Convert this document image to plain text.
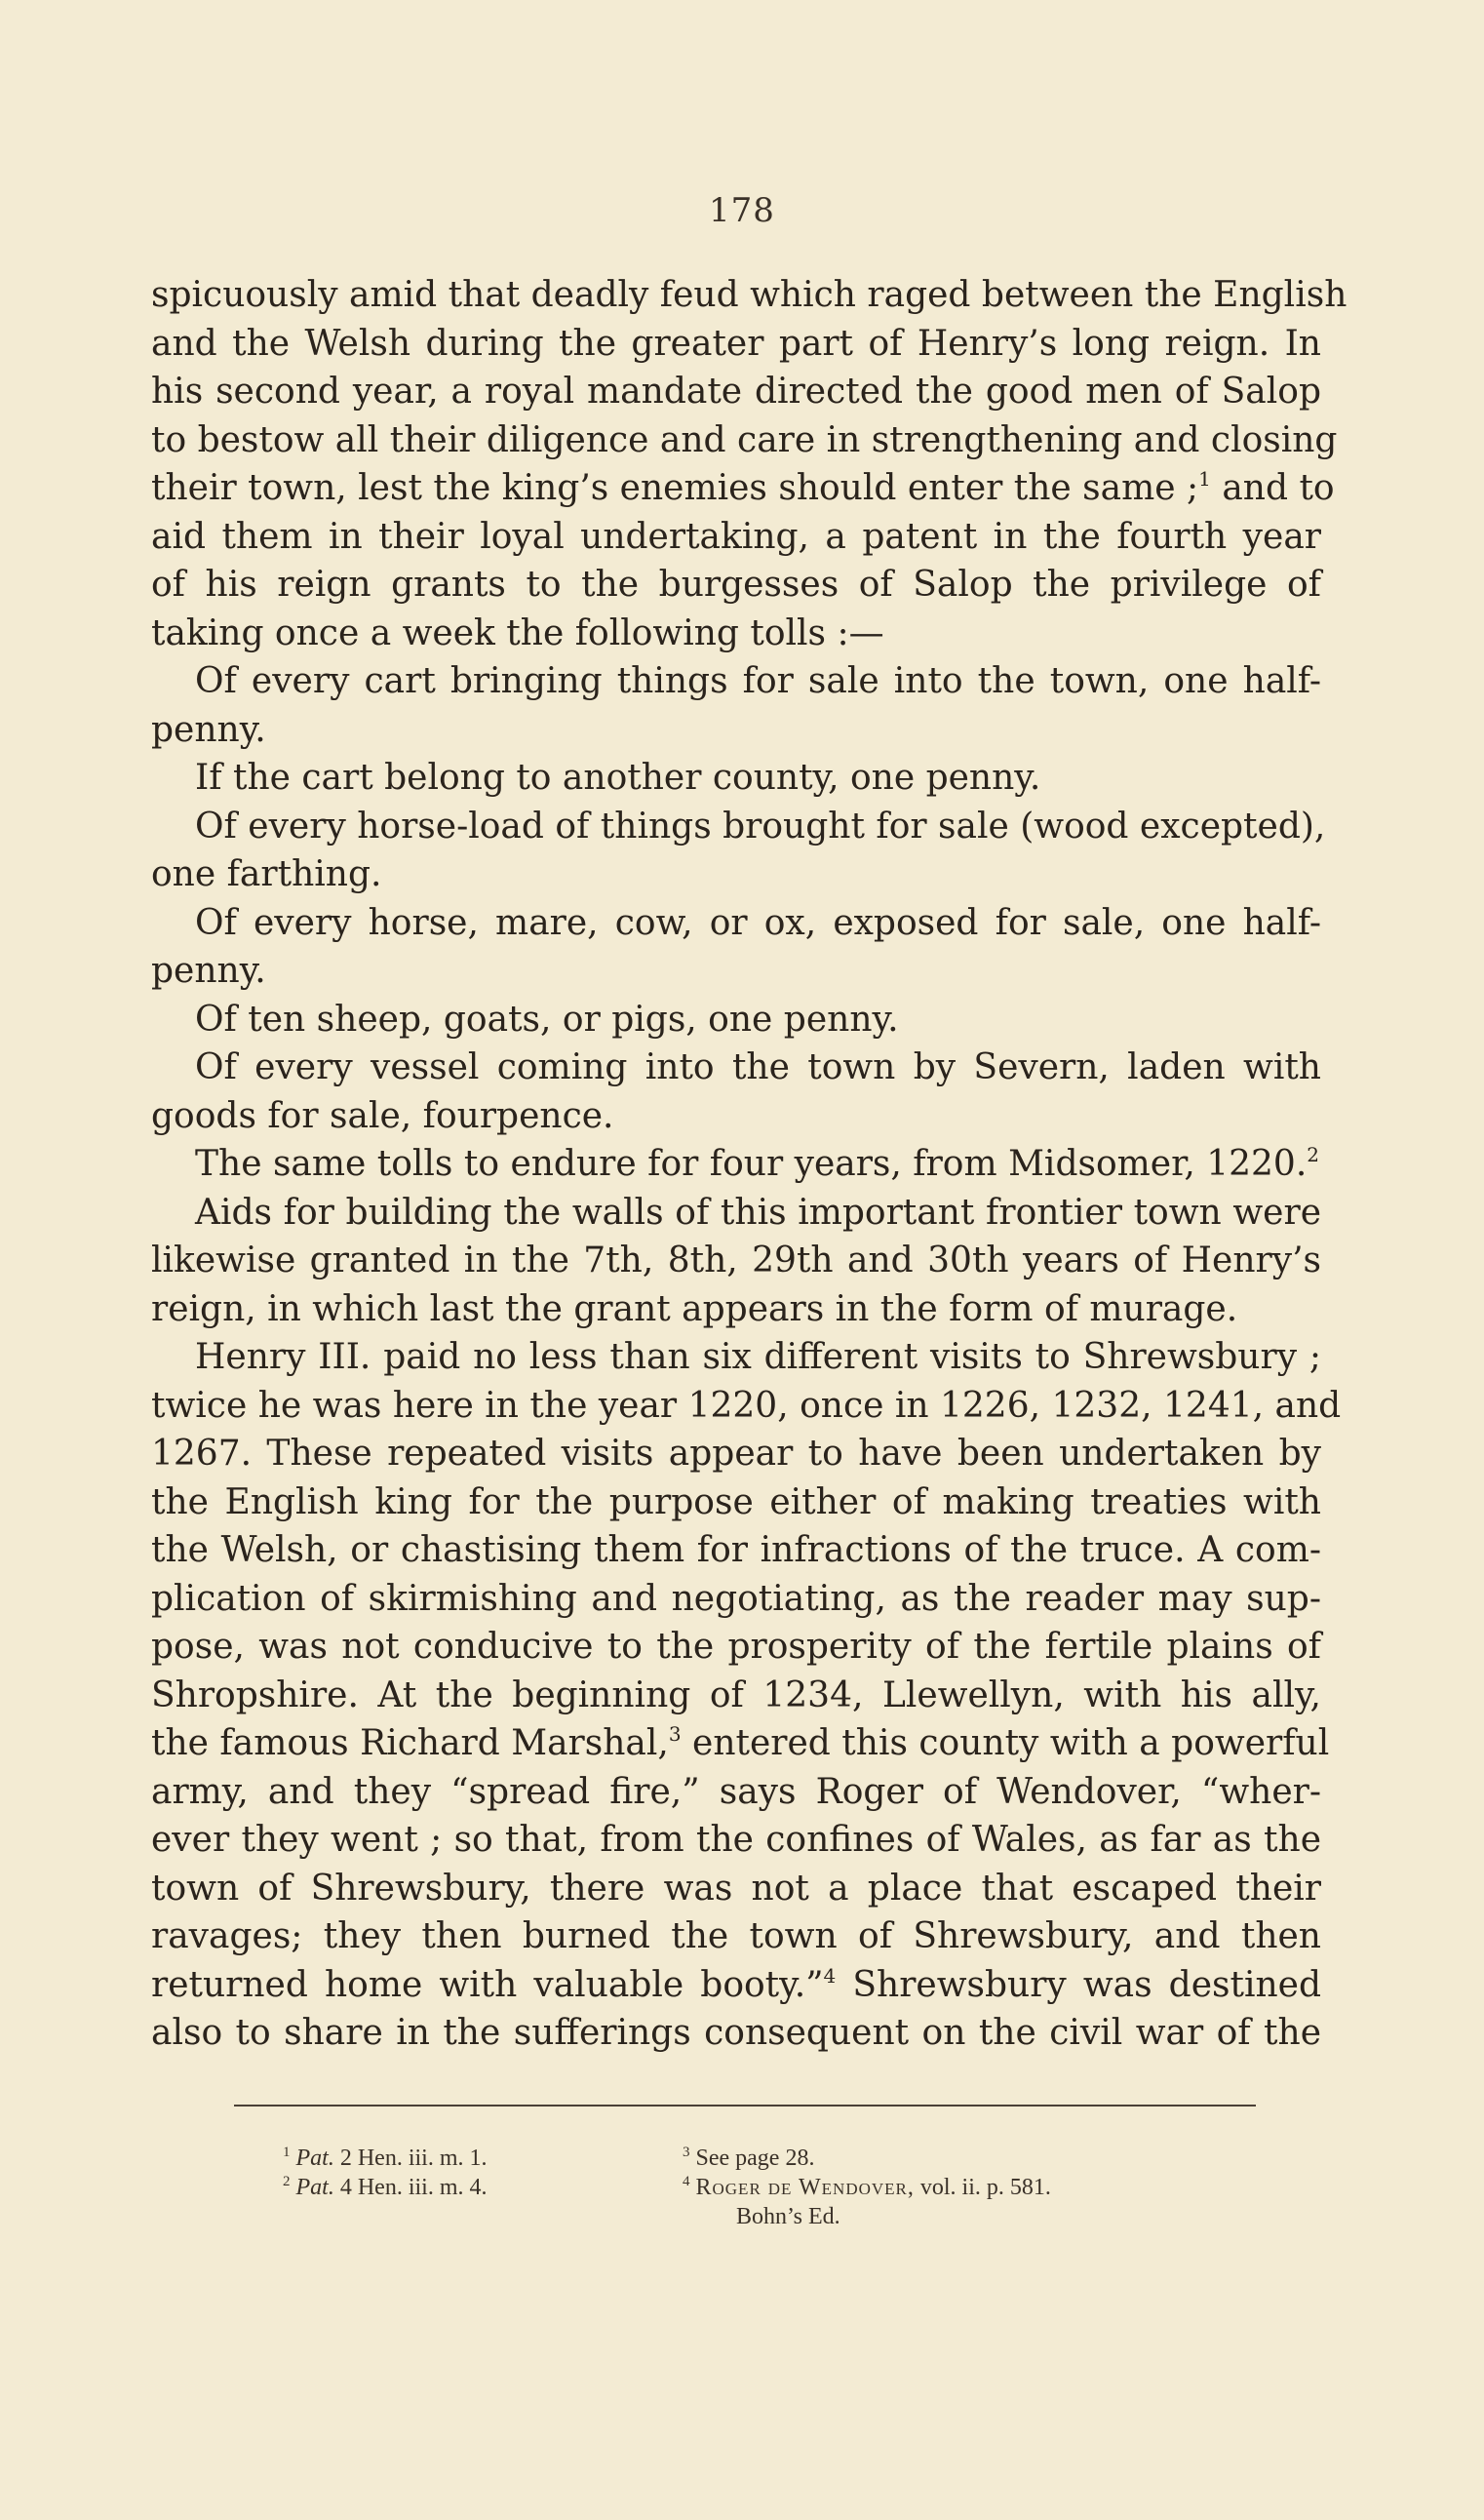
178
spicuously amid that deadly feud which raged between the English
and the Welsh during the greater part of Henry’s long reign. In
his second year, a royal mandate directed the good men of Salop
to bestow all their diligence and care in strengthening and closing
their town, lest the king’s enemies should enter the same ;$^1$ and to
aid them in their loyal undertaking, a patent in the fourth year
of his reign grants to the burgesses of Salop the privilege of
taking once a week the following tolls :—
Of every cart bringing things for sale into the town, one half-
penny.
If the cart belong to another county, one penny.
Of every horse-load of things brought for sale (wood excepted),
one farthing.
Of every horse, mare, cow, or ox, exposed for sale, one half-
penny.
Of ten sheep, goats, or pigs, one penny.
Of every vessel coming into the town by Severn, laden with
goods for sale, fourpence.
The same tolls to endure for four years, from Midsomer, 1220.$^2$
Aids for building the walls of this important frontier town were
likewise granted in the 7th, 8th, 29th and 30th years of Henry’s
reign, in which last the grant appears in the form of murage.
Henry III. paid no less than six different visits to Shrewsbury ;
twice he was here in the year 1220, once in 1226, 1232, 1241, and
1267. These repeated visits appear to have been undertaken by
the English king for the purpose either of making treaties with
the Welsh, or chastising them for infractions of the truce. A com-
plication of skirmishing and negotiating, as the reader may sup-
pose, was not conducive to the prosperity of the fertile plains of
Shropshire. At the beginning of 1234, Llewellyn, with his ally,
the famous Richard Marshal,$^3$ entered this county with a powerful
army, and they “spread fire,” says Roger of Wendover, “wher-
ever they went ; so that, from the confines of Wales, as far as the
town of Shrewsbury, there was not a place that escaped their
ravages; they then burned the town of Shrewsbury, and then
returned home with valuable booty.”$^4$ Shrewsbury was destined
also to share in the sufferings consequent on the civil war of the
$^1$ Pat. 2 Hen. iii. m. 1.
$^2$ Pat. 4 Hen. iii. m. 4.
$^3$ See page 28.
$^4$ Roger de Wendover, vol. ii. p. 581.
Bohn’s Ed.
